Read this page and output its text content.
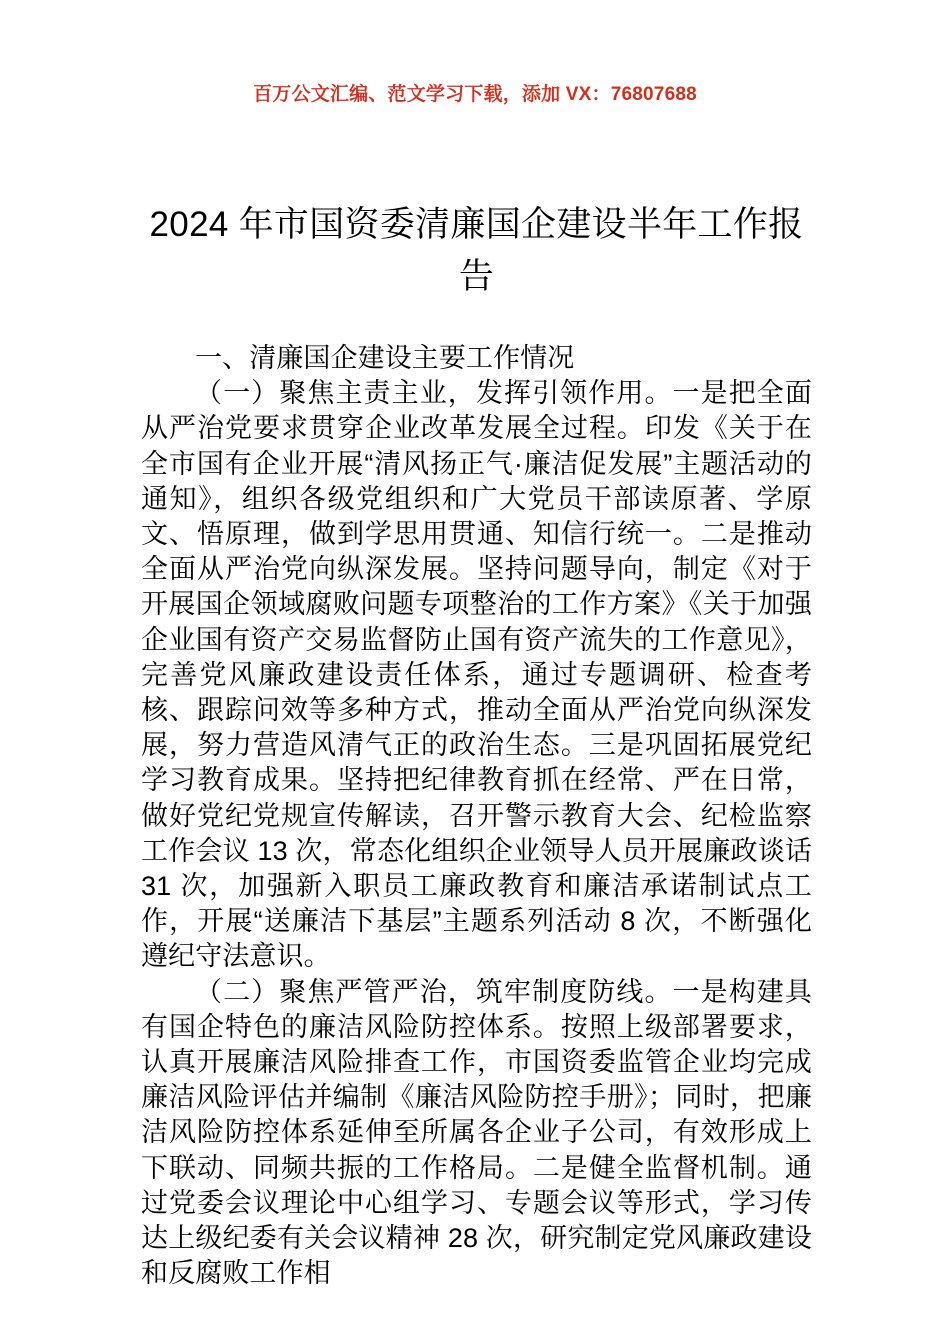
百万公文汇编、范文学习下载，添加 VX：76807688
2024 年市国资委清廉国企建设半年工作报告

一、清廉国企建设主要工作情况

（一）聚焦主责主业，发挥引领作用。一是把全面从严治党要求贯穿企业改革发展全过程。印发《关于在全市国有企业开展“清风扬正气·廉洁促发展”主题活动的通知》，组织各级党组织和广大党员干部读原著、学原文、悟原理，做到学思用贯通、知信行统一。二是推动全面从严治党向纵深发展。坚持问题导向，制定《对于开展国企领域腐败问题专项整治的工作方案》《关于加强企业国有资产交易监督防止国有资产流失的工作意见》，完善党风廉政建设责任体系，通过专题调研、检查考核、跟踪问效等多种方式，推动全面从严治党向纵深发展，努力营造风清气正的政治生态。三是巩固拓展党纪学习教育成果。坚持把纪律教育抓在经常、严在日常，做好党纪党规宣传解读，召开警示教育大会、纪检监察工作会议 13 次，常态化组织企业领导人员开展廉政谈话 31 次，加强新入职员工廉政教育和廉洁承诺制试点工作，开展“送廉洁下基层”主题系列活动 8 次，不断强化遵纪守法意识。

（二）聚焦严管严治，筑牢制度防线。一是构建具有国企特色的廉洁风险防控体系。按照上级部署要求，认真开展廉洁风险排查工作，市国资委监管企业均完成廉洁风险评估并编制《廉洁风险防控手册》；同时，把廉洁风险防控体系延伸至所属各企业子公司，有效形成上下联动、同频共振的工作格局。二是健全监督机制。通过党委会议理论中心组学习、专题会议等形式，学习传达上级纪委有关会议精神 28 次，研究制定党风廉政建设和反腐败工作相
